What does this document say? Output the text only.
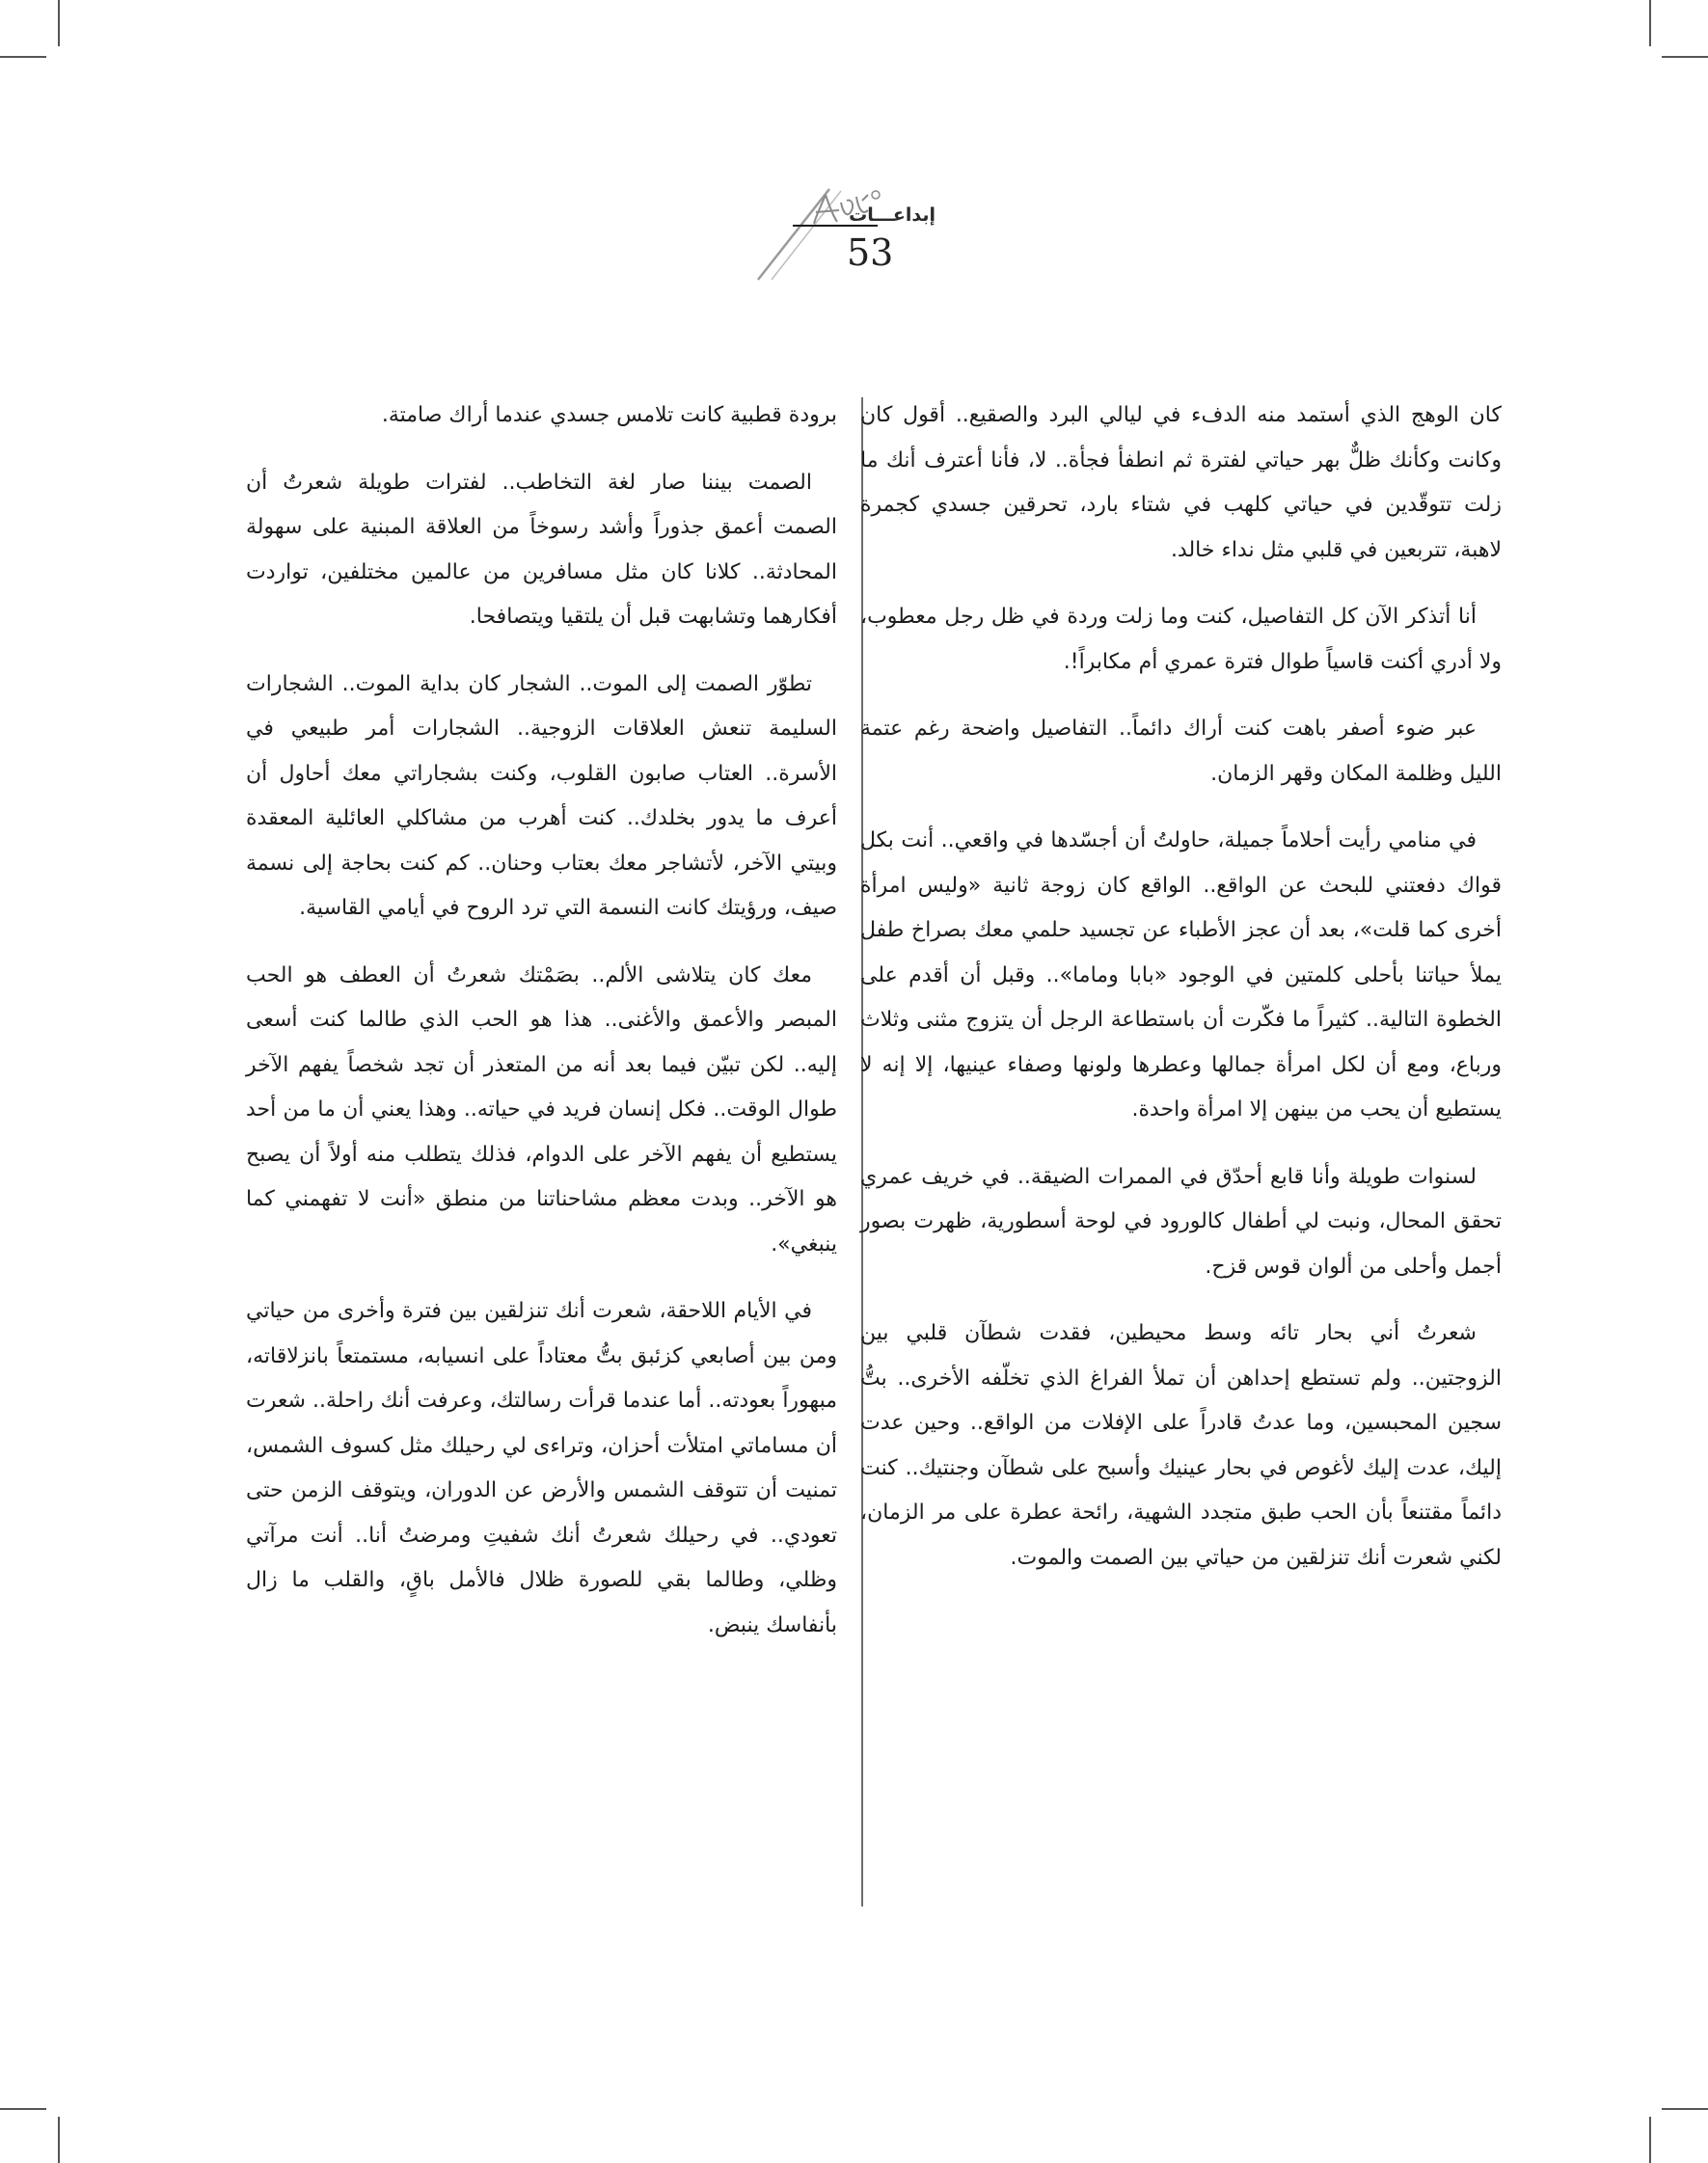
إبداعـــات
53

كان الوهج الذي أستمد منه الدفء في ليالي البرد والصقيع.. أقول كان وكانت وكأنك ظلٌّ بهر حياتي لفترة ثم انطفأ فجأة.. لا، فأنا أعترف أنك ما زلت تتوقّدين في حياتي كلهب في شتاء بارد، تحرقين جسدي كجمرة لاهبة، تتربعين في قلبي مثل نداء خالد.

أنا أتذكر الآن كل التفاصيل، كنت وما زلت وردة في ظل رجل معطوب، ولا أدري أكنت قاسياً طوال فترة عمري أم مكابراً!.

عبر ضوء أصفر باهت كنت أراك دائماً.. التفاصيل واضحة رغم عتمة الليل وظلمة المكان وقهر الزمان.

في منامي رأيت أحلاماً جميلة، حاولتُ أن أجسّدها في واقعي.. أنت بكل قواك دفعتني للبحث عن الواقع.. الواقع كان زوجة ثانية «وليس امرأة أخرى كما قلت»، بعد أن عجز الأطباء عن تجسيد حلمي معك بصراخ طفل يملأ حياتنا بأحلى كلمتين في الوجود «بابا وماما».. وقبل أن أقدم على الخطوة التالية.. كثيراً ما فكّرت أن باستطاعة الرجل أن يتزوج مثنى وثلاث ورباع، ومع أن لكل امرأة جمالها وعطرها ولونها وصفاء عينيها، إلا إنه لا يستطيع أن يحب من بينهن إلا امرأة واحدة.

لسنوات طويلة وأنا قابع أحدّق في الممرات الضيقة.. في خريف عمري تحقق المحال، ونبت لي أطفال كالورود في لوحة أسطورية، ظهرت بصور أجمل وأحلى من ألوان قوس قزح.

شعرتُ أني بحار تائه وسط محيطين، فقدت شطآن قلبي بين الزوجتين.. ولم تستطع إحداهن أن تملأ الفراغ الذي تخلّفه الأخرى.. بتُّ سجين المحبسين، وما عدتُ قادراً على الإفلات من الواقع.. وحين عدت إليك، عدت إليك لأغوص في بحار عينيك وأسبح على شطآن وجنتيك.. كنت دائماً مقتنعاً بأن الحب طبق متجدد الشهية، رائحة عطرة على مر الزمان، لكني شعرت أنك تنزلقين من حياتي بين الصمت والموت.

برودة قطبية كانت تلامس جسدي عندما أراك صامتة.

الصمت بيننا صار لغة التخاطب.. لفترات طويلة شعرتُ أن الصمت أعمق جذوراً وأشد رسوخاً من العلاقة المبنية على سهولة المحادثة.. كلانا كان مثل مسافرين من عالمين مختلفين، تواردت أفكارهما وتشابهت قبل أن يلتقيا ويتصافحا.

تطوّر الصمت إلى الموت.. الشجار كان بداية الموت.. الشجارات السليمة تنعش العلاقات الزوجية.. الشجارات أمر طبيعي في الأسرة.. العتاب صابون القلوب، وكنت بشجاراتي معك أحاول أن أعرف ما يدور بخلدك.. كنت أهرب من مشاكلي العائلية المعقدة وبيتي الآخر، لأتشاجر معك بعتاب وحنان.. كم كنت بحاجة إلى نسمة صيف، ورؤيتك كانت النسمة التي ترد الروح في أيامي القاسية.

معك كان يتلاشى الألم.. بصَمْتك شعرتُ أن العطف هو الحب المبصر والأعمق والأغنى.. هذا هو الحب الذي طالما كنت أسعى إليه.. لكن تبيّن فيما بعد أنه من المتعذر أن تجد شخصاً يفهم الآخر طوال الوقت.. فكل إنسان فريد في حياته.. وهذا يعني أن ما من أحد يستطيع أن يفهم الآخر على الدوام، فذلك يتطلب منه أولاً أن يصبح هو الآخر.. وبدت معظم مشاحناتنا من منطق «أنت لا تفهمني كما ينبغي».

في الأيام اللاحقة، شعرت أنك تنزلقين بين فترة وأخرى من حياتي ومن بين أصابعي كزئبق بتُّ معتاداً على انسيابه، مستمتعاً بانزلاقاته، مبهوراً بعودته.. أما عندما قرأت رسالتك، وعرفت أنك راحلة.. شعرت أن مساماتي امتلأت أحزان، وتراءى لي رحيلك مثل كسوف الشمس، تمنيت أن تتوقف الشمس والأرض عن الدوران، ويتوقف الزمن حتى تعودي.. في رحيلك شعرتُ أنك شفيتِ ومرضتُ أنا.. أنت مرآتي وظلي، وطالما بقي للصورة ظلال فالأمل باقٍ، والقلب ما زال بأنفاسك ينبض.
